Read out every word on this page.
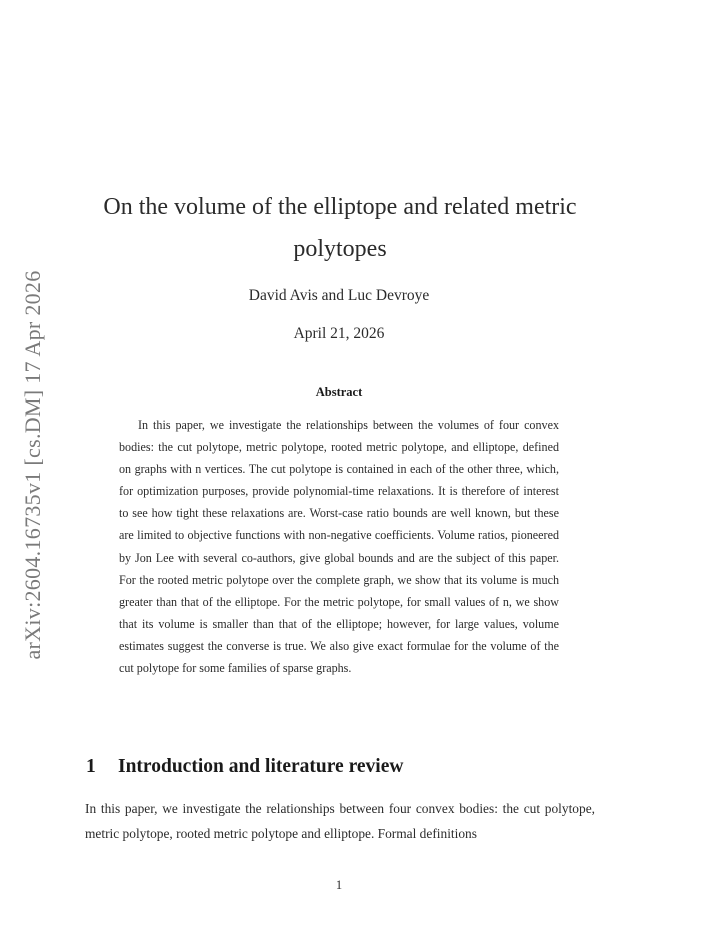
arXiv:2604.16735v1 [cs.DM] 17 Apr 2026
On the volume of the elliptope and related metric polytopes
David Avis and Luc Devroye
April 21, 2026
Abstract

In this paper, we investigate the relationships between the volumes of four convex bodies: the cut polytope, metric polytope, rooted metric polytope, and elliptope, defined on graphs with n vertices. The cut polytope is contained in each of the other three, which, for optimization purposes, provide polynomial-time relaxations. It is therefore of interest to see how tight these relaxations are. Worst-case ratio bounds are well known, but these are limited to objective functions with non-negative coefficients. Volume ratios, pioneered by Jon Lee with several co-authors, give global bounds and are the subject of this paper. For the rooted metric polytope over the complete graph, we show that its volume is much greater than that of the elliptope. For the metric polytope, for small values of n, we show that its volume is smaller than that of the elliptope; however, for large values, volume estimates suggest the converse is true. We also give exact formulae for the volume of the cut polytope for some families of sparse graphs.

1 Introduction and literature review

In this paper, we investigate the relationships between four convex bodies: the cut polytope, metric polytope, rooted metric polytope and elliptope. Formal definitions

1
